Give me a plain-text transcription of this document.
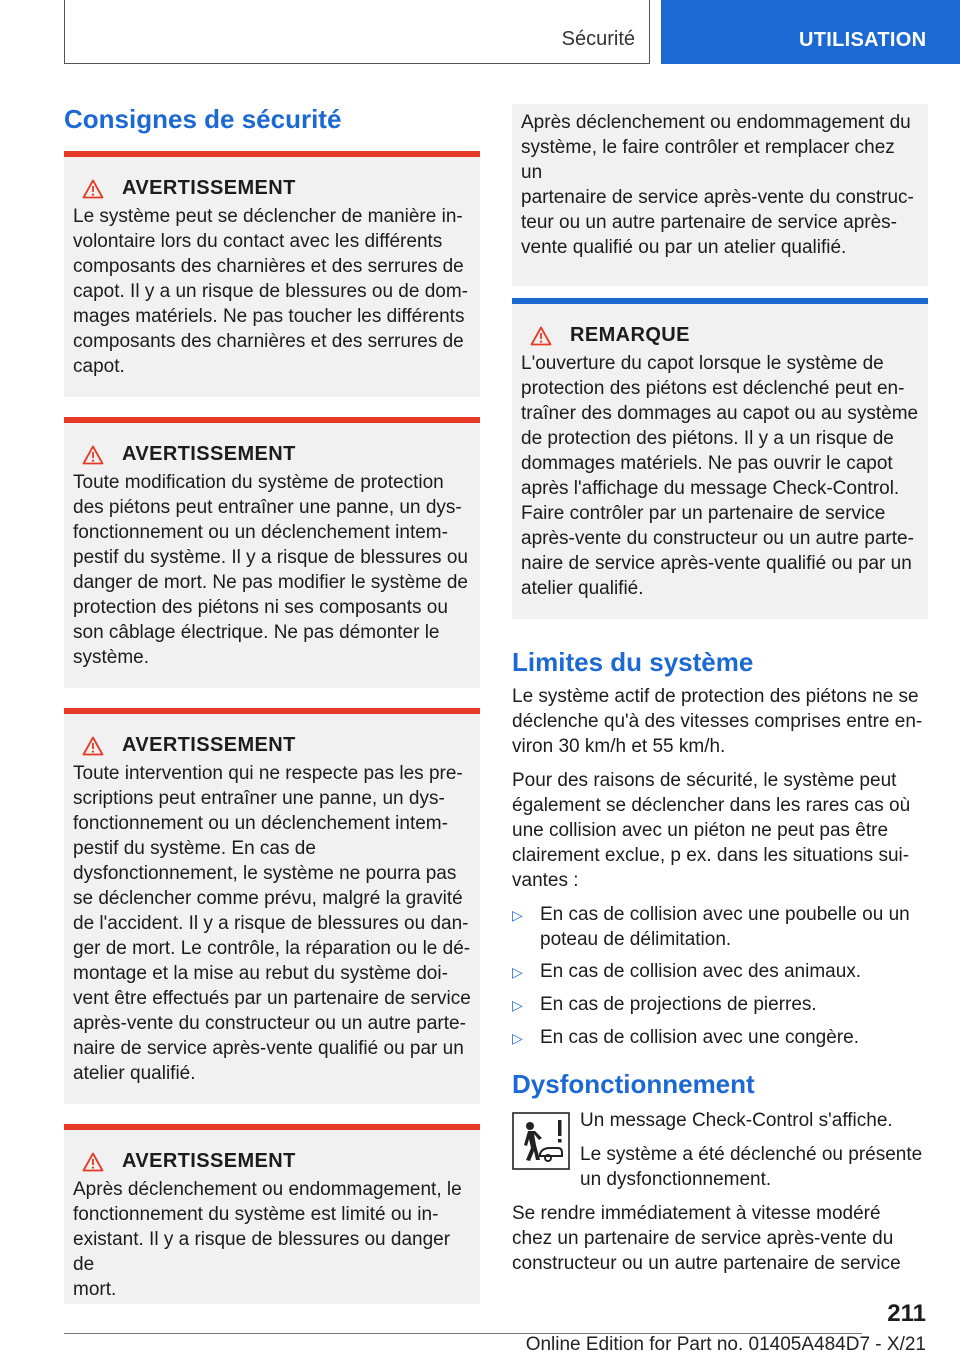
Sécurité	UTILISATION
Consignes de sécurité
AVERTISSEMENT

Le système peut se déclencher de manière in-
volontaire lors du contact avec les différents
composants des charnières et des serrures de
capot. Il y a un risque de blessures ou de dom-
mages matériels. Ne pas toucher les différents
composants des charnières et des serrures de
capot.

AVERTISSEMENT

Toute modification du système de protection
des piétons peut entraîner une panne, un dys-
fonctionnement ou un déclenchement intem-
pestif du système. Il y a risque de blessures ou
danger de mort. Ne pas modifier le système de
protection des piétons ni ses composants ou
son câblage électrique. Ne pas démonter le
système.

AVERTISSEMENT

Toute intervention qui ne respecte pas les pre-
scriptions peut entraîner une panne, un dys-
fonctionnement ou un déclenchement intem-
pestif du système. En cas de
dysfonctionnement, le système ne pourra pas
se déclencher comme prévu, malgré la gravité
de l'accident. Il y a risque de blessures ou dan-
ger de mort. Le contrôle, la réparation ou le dé-
montage et la mise au rebut du système doi-
vent être effectués par un partenaire de service
après-vente du constructeur ou un autre parte-
naire de service après-vente qualifié ou par un
atelier qualifié.

AVERTISSEMENT

Après déclenchement ou endommagement, le
fonctionnement du système est limité ou in-
existant. Il y a risque de blessures ou danger de
mort.

Après déclenchement ou endommagement du
système, le faire contrôler et remplacer chez un
partenaire de service après-vente du construc-
teur ou un autre partenaire de service après-
vente qualifié ou par un atelier qualifié.

REMARQUE

L'ouverture du capot lorsque le système de
protection des piétons est déclenché peut en-
traîner des dommages au capot ou au système
de protection des piétons. Il y a un risque de
dommages matériels. Ne pas ouvrir le capot
après l'affichage du message Check-Control.
Faire contrôler par un partenaire de service
après-vente du constructeur ou un autre parte-
naire de service après-vente qualifié ou par un
atelier qualifié.

Limites du système

Le système actif de protection des piétons ne se
déclenche qu'à des vitesses comprises entre en-
viron 30 km/h et 55 km/h.

Pour des raisons de sécurité, le système peut
également se déclencher dans les rares cas où
une collision avec un piéton ne peut pas être
clairement exclue, p ex. dans les situations sui-
vantes :

▷ En cas de collision avec une poubelle ou un
poteau de délimitation.
▷ En cas de collision avec des animaux.
▷ En cas de projections de pierres.
▷ En cas de collision avec une congère.
Dysfonctionnement

Un message Check-Control s'affiche.

Le système a été déclenché ou présente
un dysfonctionnement.

Se rendre immédiatement à vitesse modéré
chez un partenaire de service après-vente du
constructeur ou un autre partenaire de service

211
Online Edition for Part no. 01405A484D7 - X/21
